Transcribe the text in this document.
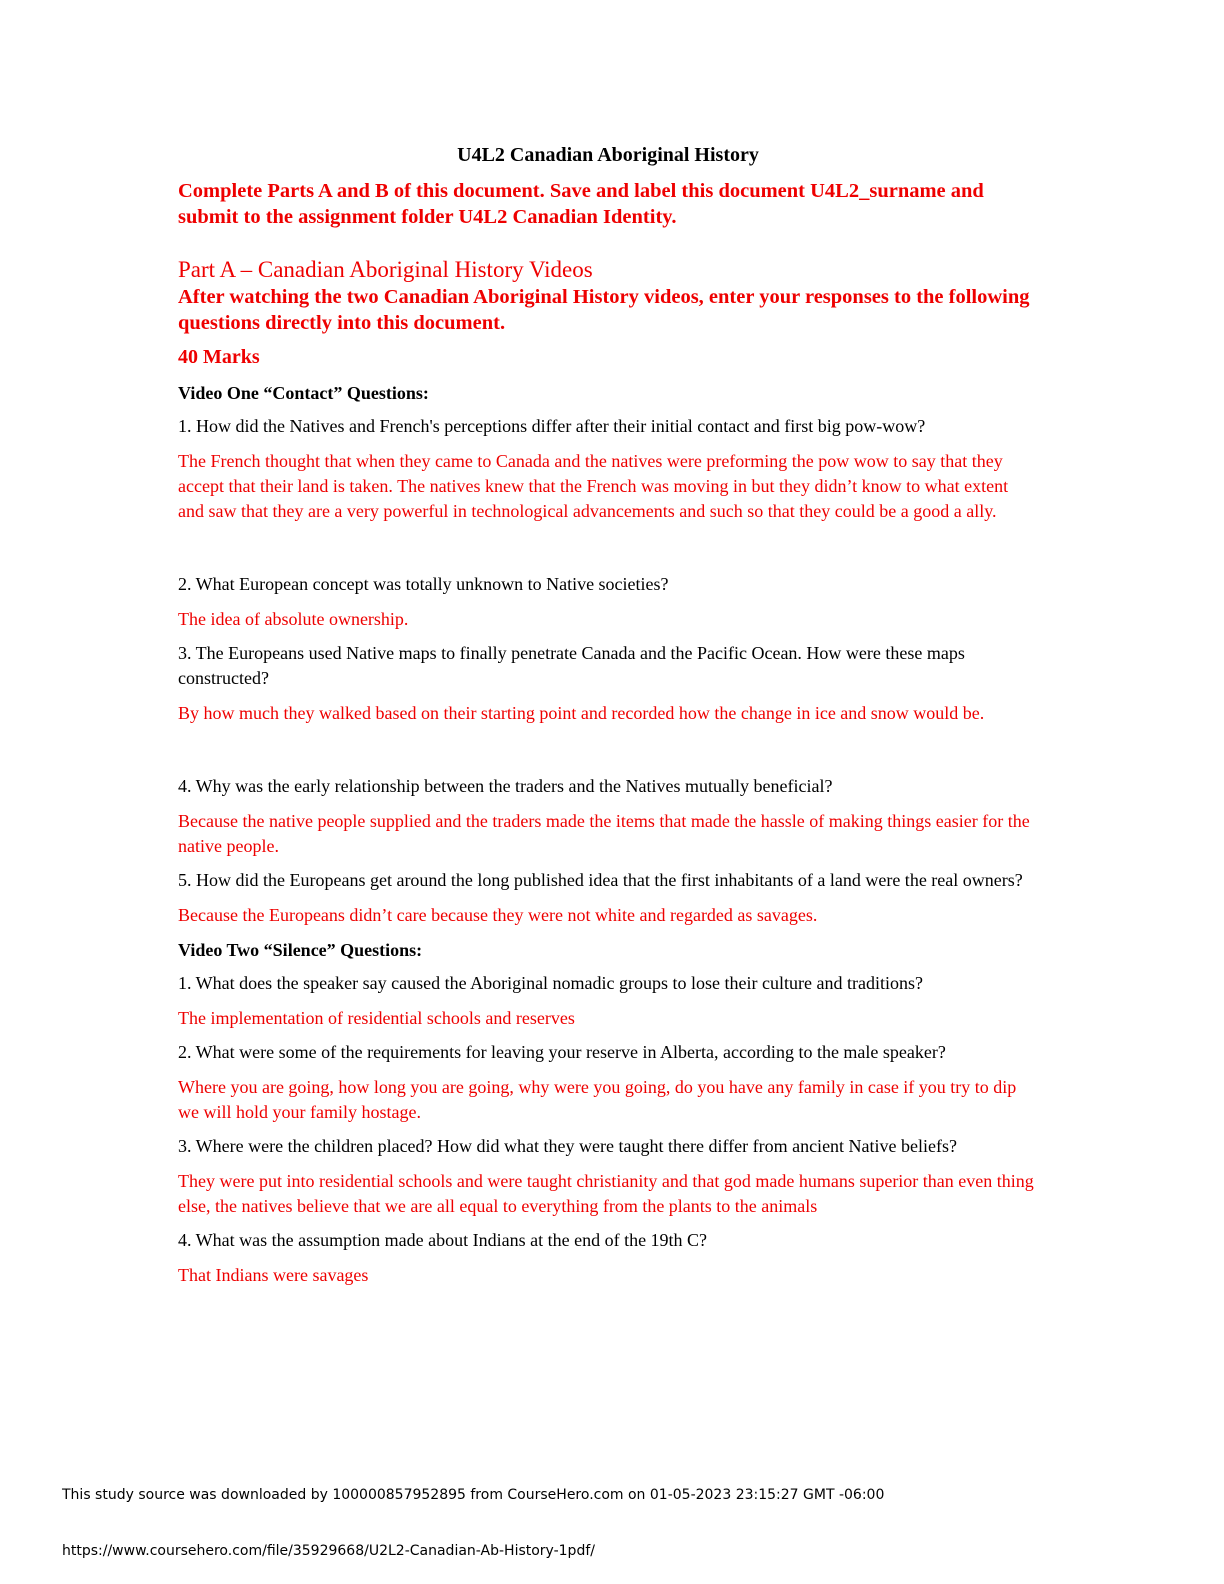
U4L2 Canadian Aboriginal History

Complete Parts A and B of this document. Save and label this document U4L2_surname and submit to the assignment folder U4L2 Canadian Identity.

Part A – Canadian Aboriginal History Videos

After watching the two Canadian Aboriginal History videos, enter your responses to the following questions directly into this document.

40 Marks

Video One “Contact” Questions:

1. How did the Natives and French's perceptions differ after their initial contact and first big pow-wow?

The French thought that when they came to Canada and the natives were preforming the pow wow to say that they accept that their land is taken. The natives knew that the French was moving in but they didn’t know to what extent and saw that they are a very powerful in technological advancements and such so that they could be a good a ally.

2. What European concept was totally unknown to Native societies?

The idea of absolute ownership.

3. The Europeans used Native maps to finally penetrate Canada and the Pacific Ocean. How were these maps constructed?

By how much they walked based on their starting point and recorded how the change in ice and snow would be.

4. Why was the early relationship between the traders and the Natives mutually beneficial?

Because the native people supplied and the traders made the items that made the hassle of making things easier for the native people.

5. How did the Europeans get around the long published idea that the first inhabitants of a land were the real owners?

Because the Europeans didn’t care because they were not white and regarded as savages.

Video Two “Silence” Questions:

1. What does the speaker say caused the Aboriginal nomadic groups to lose their culture and traditions?

The implementation of residential schools and reserves

2. What were some of the requirements for leaving your reserve in Alberta, according to the male speaker?

Where you are going, how long you are going, why were you going, do you have any family in case if you try to dip we will hold your family hostage.

3. Where were the children placed? How did what they were taught there differ from ancient Native beliefs?

They were put into residential schools and were taught christianity and that god made humans superior than even thing else, the natives believe that we are all equal to everything from the plants to the animals

4. What was the assumption made about Indians at the end of the 19th C?

That Indians were savages

This study source was downloaded by 100000857952895 from CourseHero.com on 01-05-2023 23:15:27 GMT -06:00
https://www.coursehero.com/file/35929668/U2L2-Canadian-Ab-History-1pdf/
